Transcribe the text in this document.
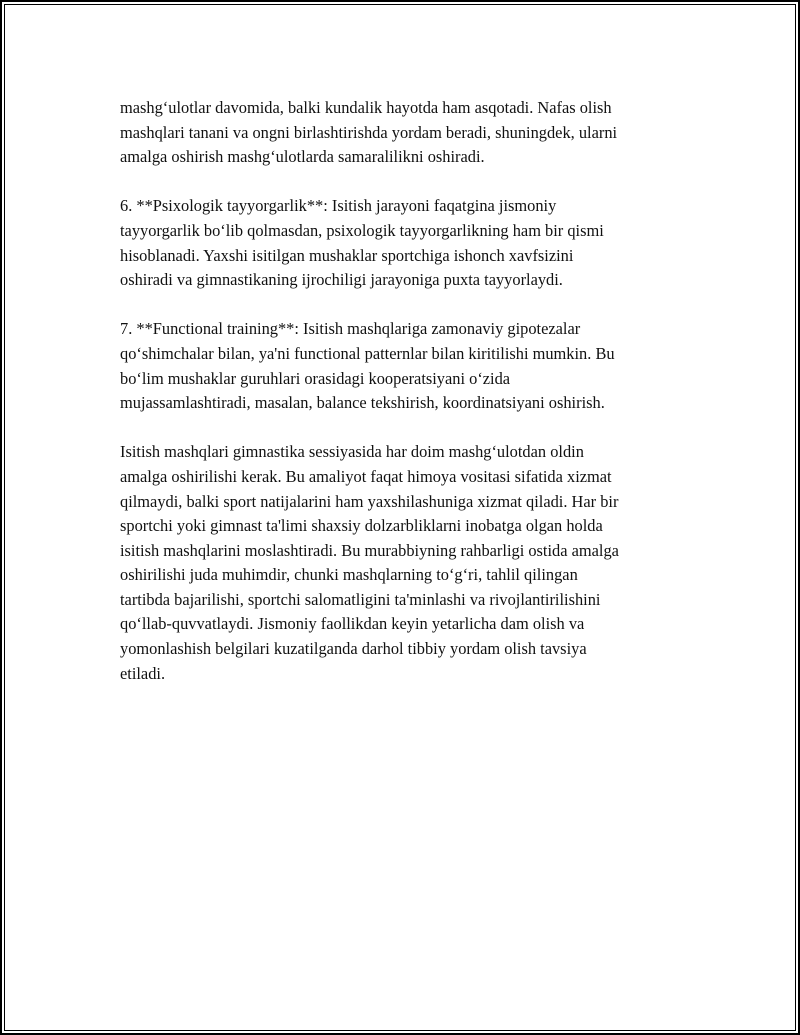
mashg‘ulotlar davomida, balki kundalik hayotda ham asqotadi. Nafas olish
mashqlari tanani va ongni birlashtirishda yordam beradi, shuningdek, ularni
amalga oshirish mashg‘ulotlarda samaralilikni oshiradi.

6. **Psixologik tayyorgarlik**: Isitish jarayoni faqatgina jismoniy
tayyorgarlik bo‘lib qolmasdan, psixologik tayyorgarlikning ham bir qismi
hisoblanadi. Yaxshi isitilgan mushaklar sportchiga ishonch xavfsizini
oshiradi va gimnastikaning ijrochiligi jarayoniga puxta tayyorlaydi.

7. **Functional training**: Isitish mashqlariga zamonaviy gipotezalar
qo‘shimchalar bilan, ya'ni functional patternlar bilan kiritilishi mumkin. Bu
bo‘lim mushaklar guruhlari orasidagi kooperatsiyani o‘zida
mujassamlashtiradi, masalan, balance tekshirish, koordinatsiyani oshirish.

Isitish mashqlari gimnastika sessiyasida har doim mashg‘ulotdan oldin
amalga oshirilishi kerak. Bu amaliyot faqat himoya vositasi sifatida xizmat
qilmaydi, balki sport natijalarini ham yaxshilashuniga xizmat qiladi. Har bir
sportchi yoki gimnast ta'limi shaxsiy dolzarbliklarni inobatga olgan holda
isitish mashqlarini moslashtiradi. Bu murabbiyning rahbarligi ostida amalga
oshirilishi juda muhimdir, chunki mashqlarning to‘g‘ri, tahlil qilingan
tartibda bajarilishi, sportchi salomatligini ta'minlashi va rivojlantirilishini
qo‘llab-quvvatlaydi. Jismoniy faollikdan keyin yetarlicha dam olish va
yomonlashish belgilari kuzatilganda darhol tibbiy yordam olish tavsiya
etiladi.
